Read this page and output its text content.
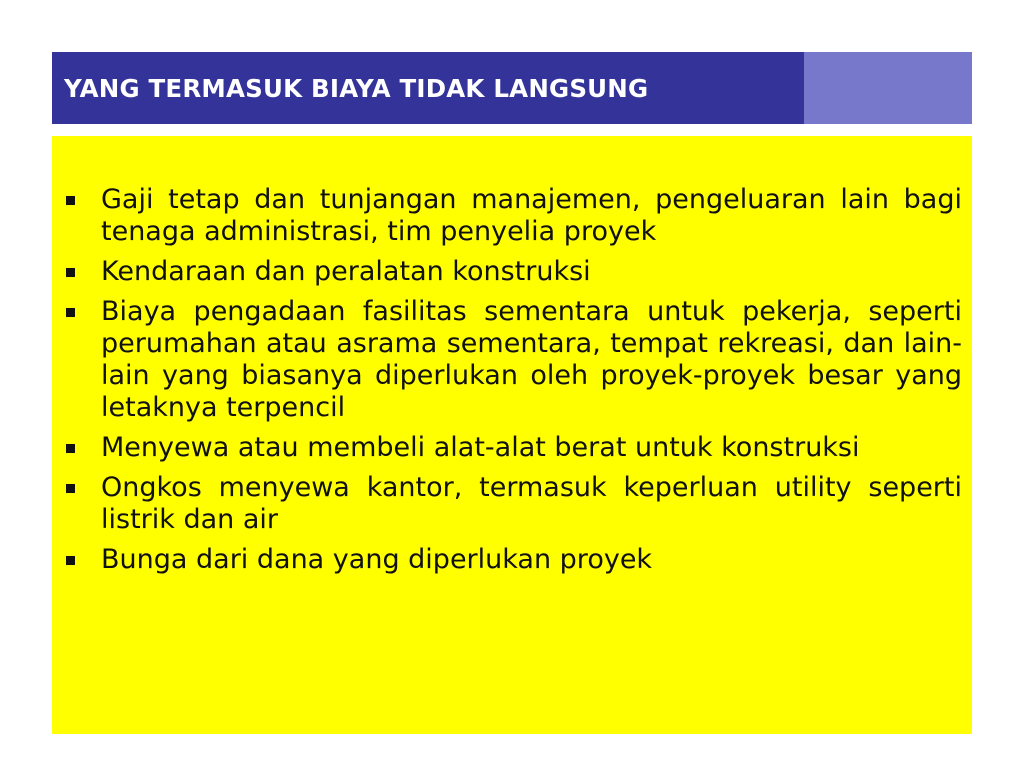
YANG TERMASUK BIAYA TIDAK LANGSUNG
Gaji tetap dan tunjangan manajemen, pengeluaran lain bagi tenaga administrasi, tim penyelia proyek
Kendaraan dan peralatan konstruksi
Biaya pengadaan fasilitas sementara untuk pekerja, seperti perumahan atau asrama sementara, tempat rekreasi, dan lain-lain yang biasanya diperlukan oleh proyek-proyek besar yang letaknya terpencil
Menyewa atau membeli alat-alat berat untuk konstruksi
Ongkos menyewa kantor, termasuk keperluan utility seperti listrik dan air
Bunga dari dana yang diperlukan proyek
